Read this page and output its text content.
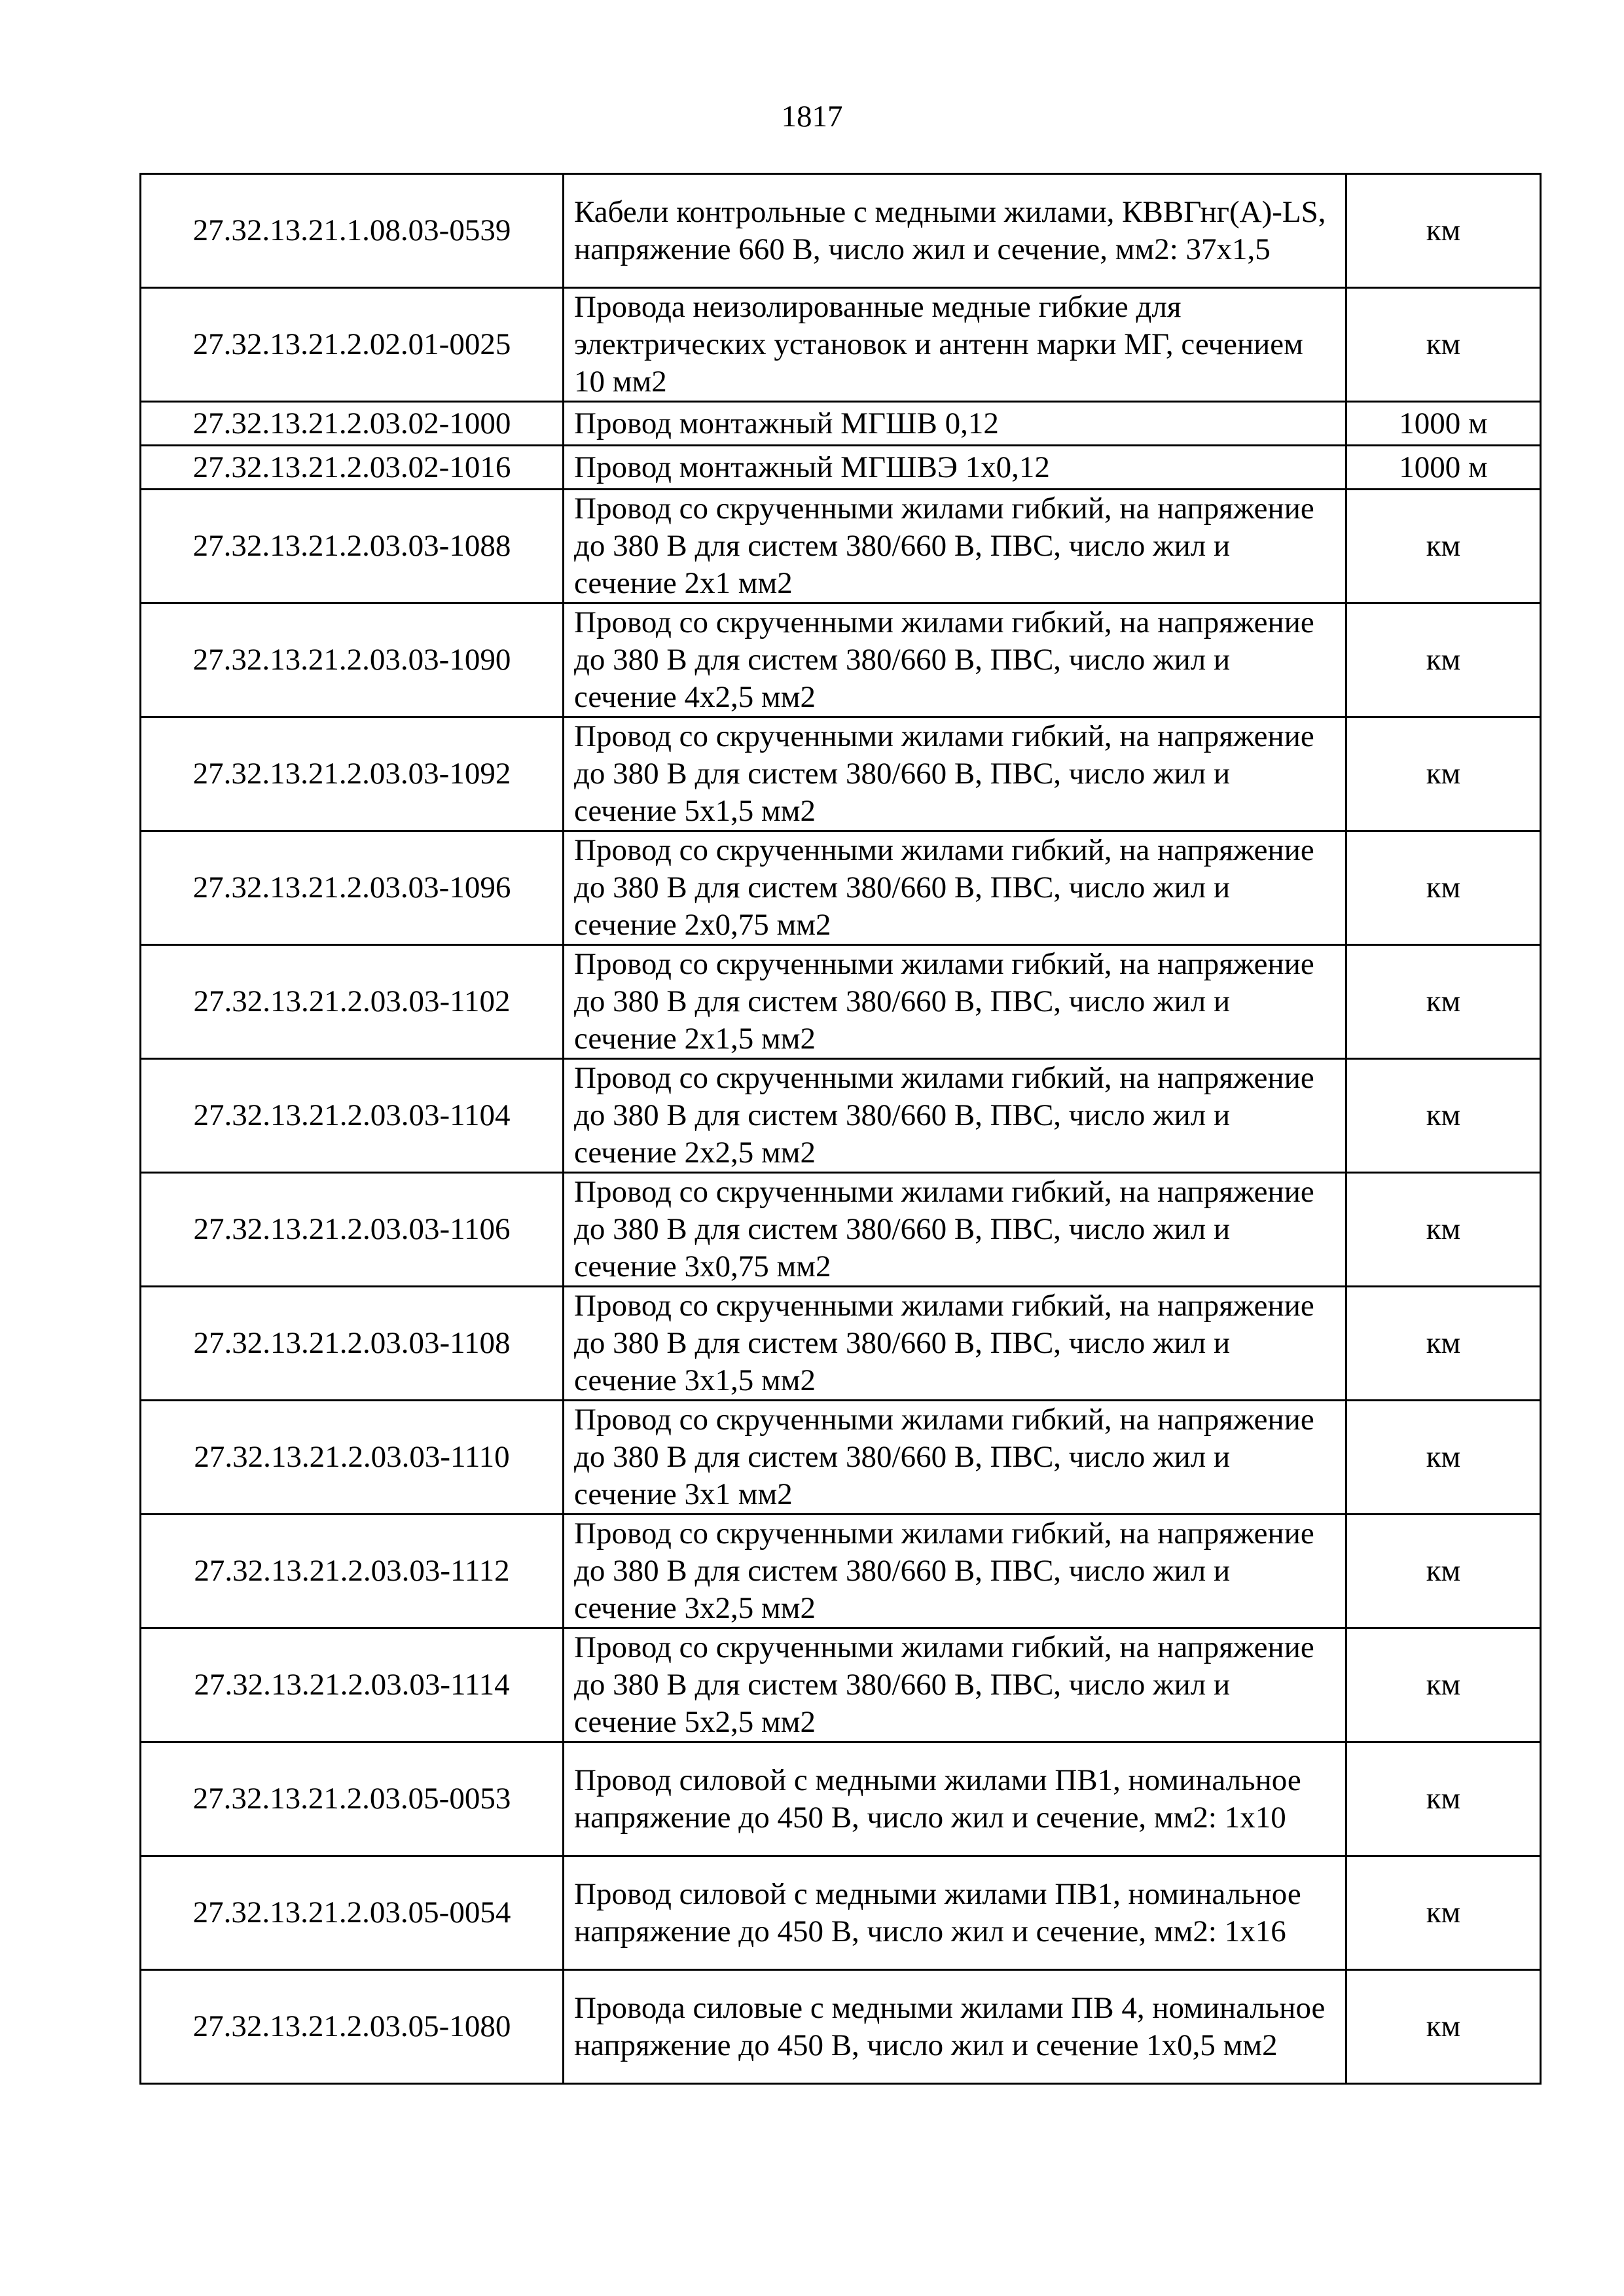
1817
27.32.13.21.1.08.03-0539	Кабели контрольные с медными жилами, КВВГнг(A)-LS, напряжение 660 В, число жил и сечение, мм2: 37х1,5	км
27.32.13.21.2.02.01-0025	Провода неизолированные медные гибкие для электрических установок и антенн марки МГ, сечением 10 мм2	км
27.32.13.21.2.03.02-1000	Провод монтажный МГШВ 0,12	1000 м
27.32.13.21.2.03.02-1016	Провод монтажный МГШВЭ 1х0,12	1000 м
27.32.13.21.2.03.03-1088	Провод со скрученными жилами гибкий, на напряжение до 380 В для систем 380/660 В, ПВС, число жил и сечение 2х1 мм2	км
27.32.13.21.2.03.03-1090	Провод со скрученными жилами гибкий, на напряжение до 380 В для систем 380/660 В, ПВС, число жил и сечение 4х2,5 мм2	км
27.32.13.21.2.03.03-1092	Провод со скрученными жилами гибкий, на напряжение до 380 В для систем 380/660 В, ПВС, число жил и сечение 5х1,5 мм2	км
27.32.13.21.2.03.03-1096	Провод со скрученными жилами гибкий, на напряжение до 380 В для систем 380/660 В, ПВС, число жил и сечение 2х0,75 мм2	км
27.32.13.21.2.03.03-1102	Провод со скрученными жилами гибкий, на напряжение до 380 В для систем 380/660 В, ПВС, число жил и сечение 2х1,5 мм2	км
27.32.13.21.2.03.03-1104	Провод со скрученными жилами гибкий, на напряжение до 380 В для систем 380/660 В, ПВС, число жил и сечение 2х2,5 мм2	км
27.32.13.21.2.03.03-1106	Провод со скрученными жилами гибкий, на напряжение до 380 В для систем 380/660 В, ПВС, число жил и сечение 3х0,75 мм2	км
27.32.13.21.2.03.03-1108	Провод со скрученными жилами гибкий, на напряжение до 380 В для систем 380/660 В, ПВС, число жил и сечение 3х1,5 мм2	км
27.32.13.21.2.03.03-1110	Провод со скрученными жилами гибкий, на напряжение до 380 В для систем 380/660 В, ПВС, число жил и сечение 3х1 мм2	км
27.32.13.21.2.03.03-1112	Провод со скрученными жилами гибкий, на напряжение до 380 В для систем 380/660 В, ПВС, число жил и сечение 3х2,5 мм2	км
27.32.13.21.2.03.03-1114	Провод со скрученными жилами гибкий, на напряжение до 380 В для систем 380/660 В, ПВС, число жил и сечение 5х2,5 мм2	км
27.32.13.21.2.03.05-0053	Провод силовой с медными жилами ПВ1, номинальное напряжение до 450 В, число жил и сечение, мм2: 1х10	км
27.32.13.21.2.03.05-0054	Провод силовой с медными жилами ПВ1, номинальное напряжение до 450 В, число жил и сечение, мм2: 1х16	км
27.32.13.21.2.03.05-1080	Провода силовые с медными жилами ПВ 4, номинальное напряжение до 450 В, число жил и сечение 1х0,5 мм2	км
